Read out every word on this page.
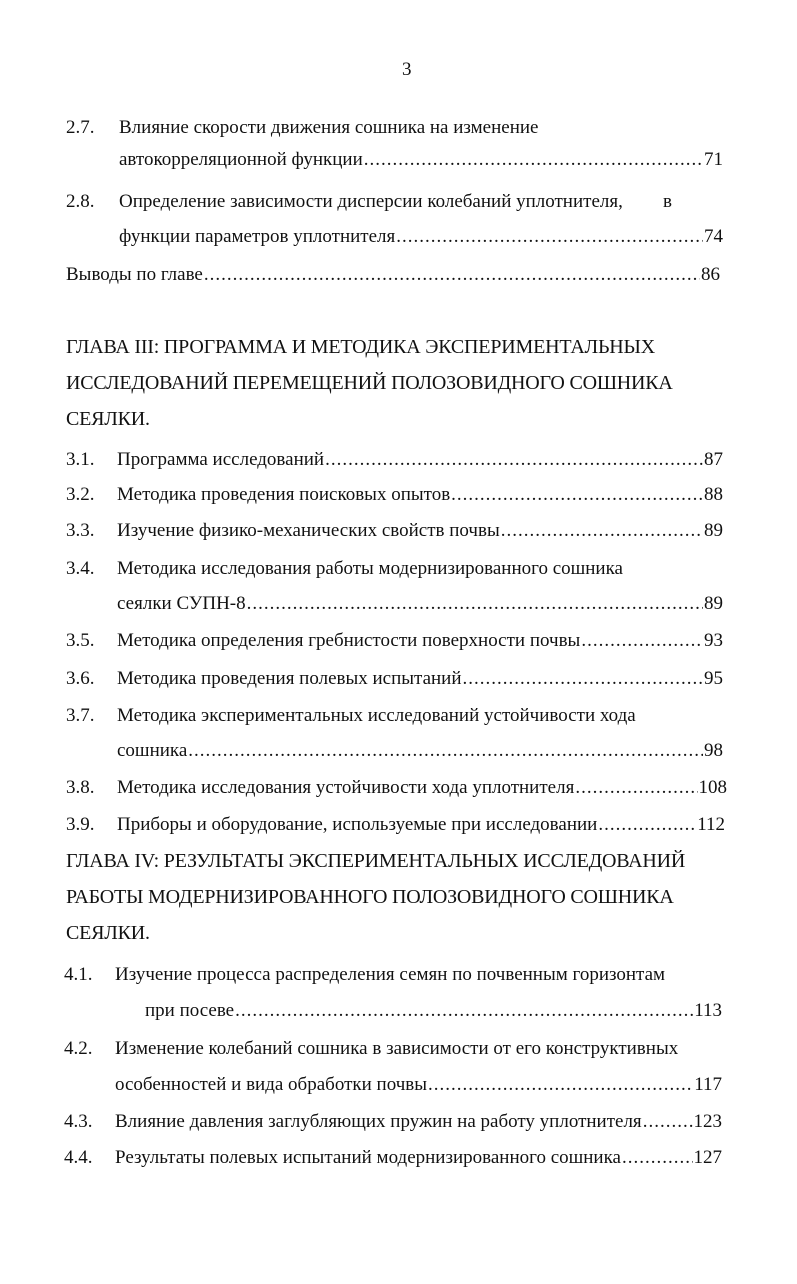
3
2.7. Влияние скорости движения сошника на изменение
автокорреляционной функции .....	71
2.8. Определение зависимости дисперсии колебаний уплотнителя, в
функции параметров уплотнителя .....	74
Выводы по главе .....	86
ГЛАВА III: ПРОГРАММА И МЕТОДИКА ЭКСПЕРИМЕНТАЛЬНЫХ
ИССЛЕДОВАНИЙ ПЕРЕМЕЩЕНИЙ ПОЛОЗОВИДНОГО СОШНИКА
СЕЯЛКИ.
3.1. Программа исследований .....	87
3.2. Методика проведения поисковых опытов .....	88
3.3. Изучение физико-механических свойств почвы .....	89
3.4. Методика исследования работы модернизированного сошника
сеялки СУПН-8 .....	89
3.5. Методика определения гребнистости поверхности почвы .....	93
3.6. Методика проведения полевых испытаний .....	95
3.7. Методика экспериментальных исследований устойчивости хода
сошника .....	98
3.8. Методика исследования устойчивости хода уплотнителя .....	108
3.9. Приборы и оборудование, используемые при исследовании .....	112
ГЛАВА IV: РЕЗУЛЬТАТЫ ЭКСПЕРИМЕНТАЛЬНЫХ ИССЛЕДОВАНИЙ
РАБОТЫ МОДЕРНИЗИРОВАННОГО ПОЛОЗОВИДНОГО СОШНИКА
СЕЯЛКИ.
4.1. Изучение процесса распределения семян по почвенным горизонтам
при посеве .....	113
4.2. Изменение колебаний сошника в зависимости от его конструктивных
особенностей и вида обработки почвы .....	117
4.3. Влияние давления заглубляющих пружин на работу уплотнителя .....	123
4.4. Результаты полевых испытаний модернизированного сошника .....	127
